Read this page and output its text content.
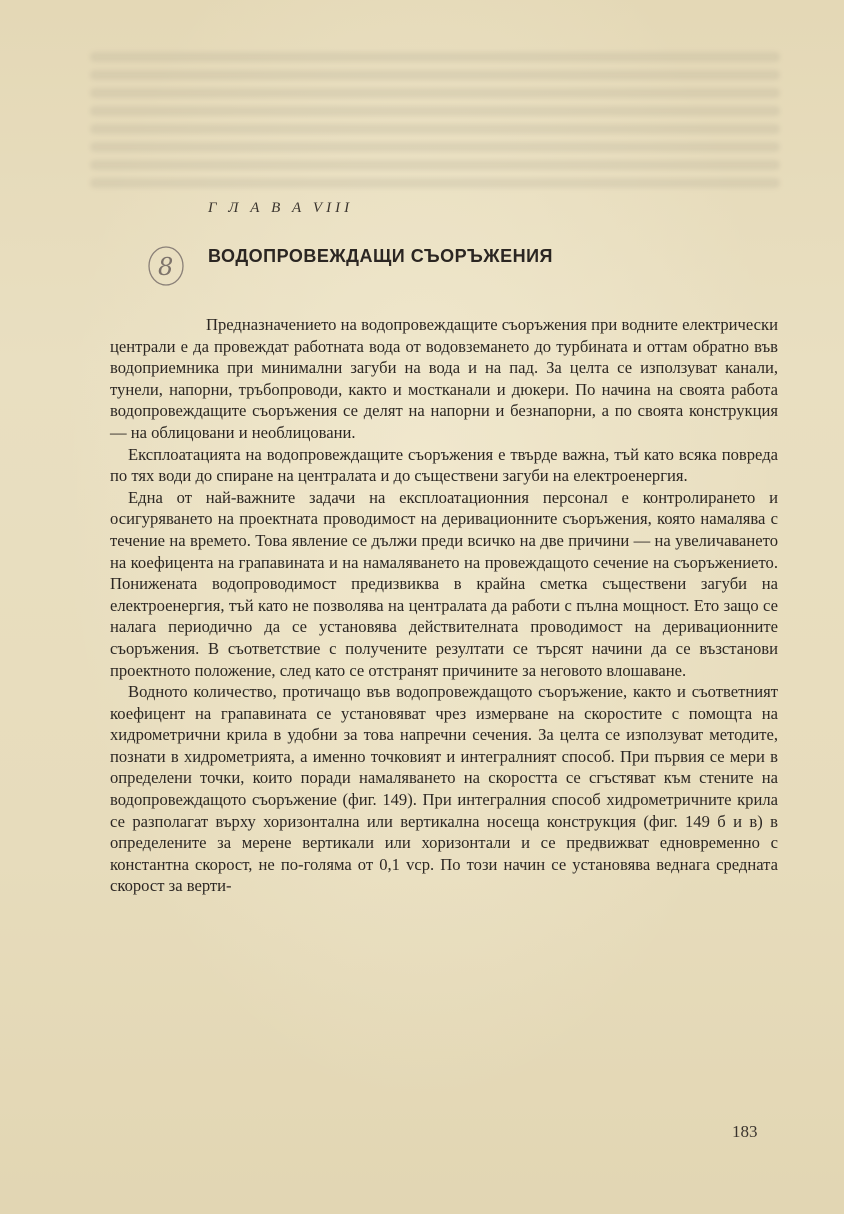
Г Л А В А VIII
8 ВОДОПРОВЕЖДАЩИ СЪОРЪЖЕНИЯ

Предназначението на водопровеждащите съоръжения при водните електрически централи е да провеждат работната вода от водовземането до турбината и оттам обратно във водоприемника при минимални загуби на вода и на пад. За целта се използуват канали, тунели, напорни, тръбопроводи, както и мостканали и дюкери. По начина на своята работа водопровеждащите съоръжения се делят на напорни и безнапорни, а по своята конструкция — на облицовани и необлицовани.

Експлоатацията на водопровеждащите съоръжения е твърде важна, тъй като всяка повреда по тях води до спиране на централата и до съществени загуби на електроенергия.

Една от най-важните задачи на експлоатационния персонал е контролирането и осигуряването на проектната проводимост на деривационните съоръжения, която намалява с течение на времето. Това явление се дължи преди всичко на две причини — на увеличаването на коефицента на грапавината и на намаляването на провеждащото сечение на съоръжението. Понижената водопроводимост предизвиква в крайна сметка съществени загуби на електроенергия, тъй като не позволява на централата да работи с пълна мощност. Ето защо се налага периодично да се установява действителната проводимост на деривационните съоръжения. В съответствие с получените резултати се търсят начини да се възстанови проектното положение, след като се отстранят причините за неговото влошаване.

Водното количество, протичащо във водопровеждащото съоръжение, както и съответният коефицент на грапавината се установяват чрез измерване на скоростите с помощта на хидрометрични крила в удобни за това напречни сечения. За целта се използуват методите, познати в хидрометрията, а именно точковият и интегралният способ. При първия се мери в определени точки, които поради намаляването на скоростта се сгъстяват към стените на водопровеждащото съоръжение (фиг. 149). При интегралния способ хидрометричните крила се разполагат върху хоризонтална или вертикална носеща конструкция (фиг. 149 б и в) в определените за мерене вертикали или хоризонтали и се предвижват едновременно с константна скорост, не по-голяма от 0,1 vср. По този начин се установява веднага средната скорост за верти-

183
